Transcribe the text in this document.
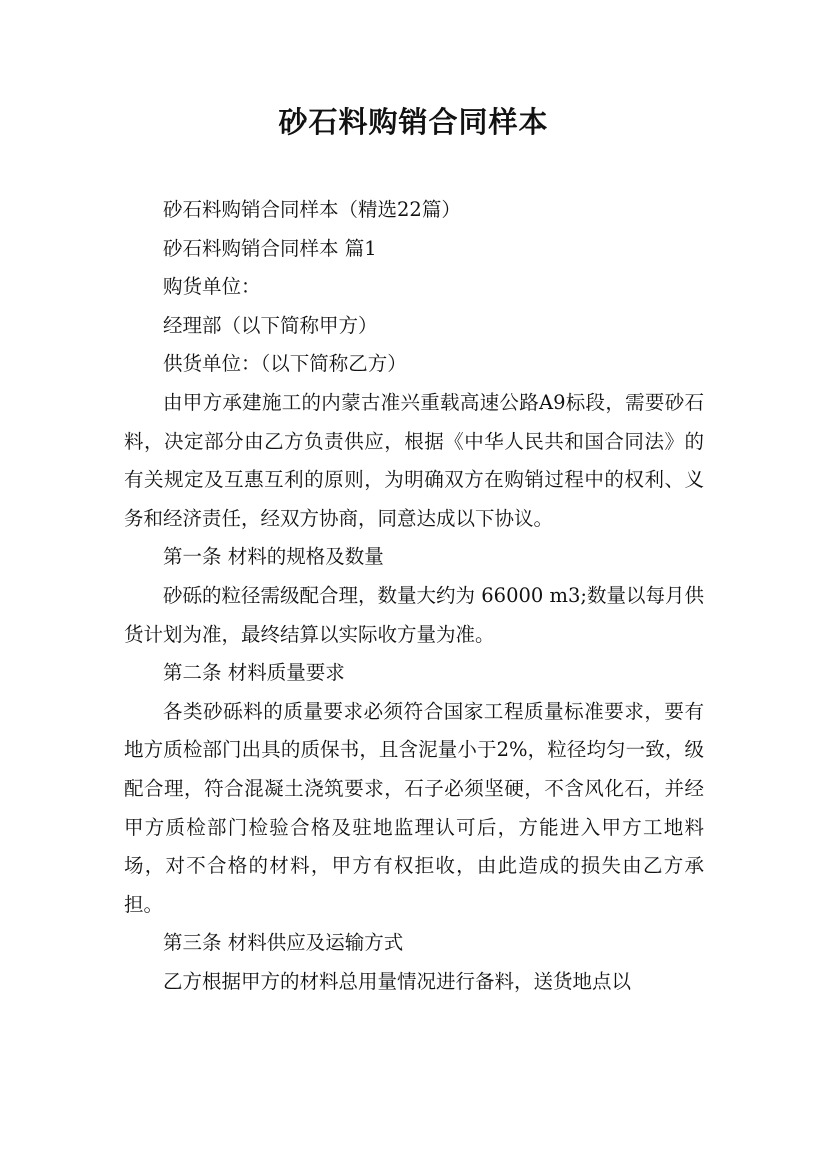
砂石料购销合同样本

砂石料购销合同样本（精选22篇）

砂石料购销合同样本 篇1

购货单位：

经理部（以下简称甲方）

供货单位：（以下简称乙方）

由甲方承建施工的内蒙古准兴重载高速公路A9标段，需要砂石料，决定部分由乙方负责供应，根据《中华人民共和国合同法》的有关规定及互惠互利的原则，为明确双方在购销过程中的权利、义务和经济责任，经双方协商，同意达成以下协议。

第一条 材料的规格及数量

砂砾的粒径需级配合理，数量大约为 66000 m3;数量以每月供货计划为准，最终结算以实际收方量为准。

第二条 材料质量要求

各类砂砾料的质量要求必须符合国家工程质量标准要求，要有地方质检部门出具的质保书，且含泥量小于2%，粒径均匀一致，级配合理，符合混凝土浇筑要求，石子必须坚硬，不含风化石，并经甲方质检部门检验合格及驻地监理认可后，方能进入甲方工地料场，对不合格的材料，甲方有权拒收，由此造成的损失由乙方承担。

第三条 材料供应及运输方式

乙方根据甲方的材料总用量情况进行备料，送货地点以
